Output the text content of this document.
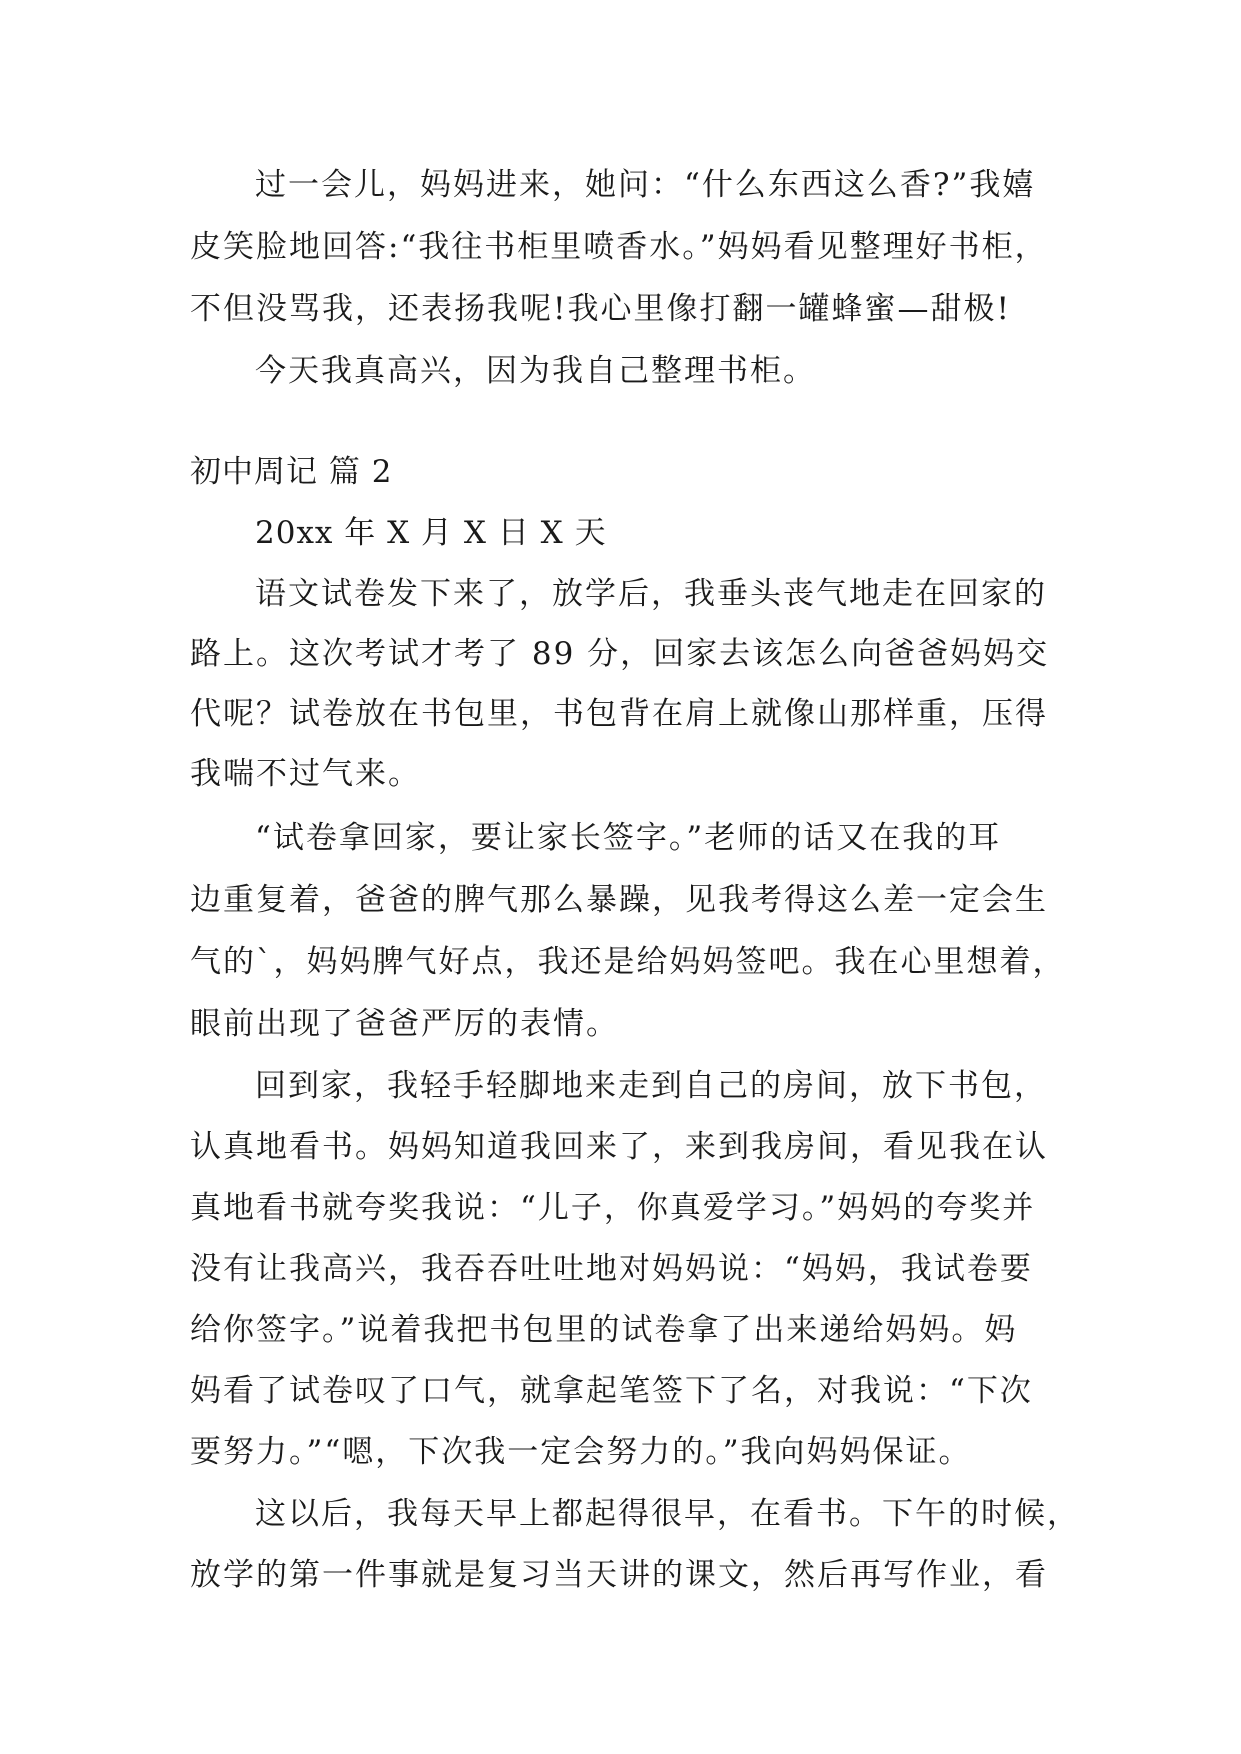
过一会儿，妈妈进来，她问：“什么东西这么香?”我嬉
皮笑脸地回答:“我往书柜里喷香水。”妈妈看见整理好书柜，
不但没骂我，还表扬我呢!我心里像打翻一罐蜂蜜—甜极!
今天我真高兴，因为我自己整理书柜。
初中周记 篇 2
20xx 年 X 月 X 日 X 天
语文试卷发下来了，放学后，我垂头丧气地走在回家的
路上。这次考试才考了 89 分，回家去该怎么向爸爸妈妈交
代呢？试卷放在书包里，书包背在肩上就像山那样重，压得
我喘不过气来。
“试卷拿回家，要让家长签字。”老师的话又在我的耳
边重复着，爸爸的脾气那么暴躁，见我考得这么差一定会生
气的`，妈妈脾气好点，我还是给妈妈签吧。我在心里想着，
眼前出现了爸爸严厉的表情。
回到家，我轻手轻脚地来走到自己的房间，放下书包，
认真地看书。妈妈知道我回来了，来到我房间，看见我在认
真地看书就夸奖我说：“儿子，你真爱学习。”妈妈的夸奖并
没有让我高兴，我吞吞吐吐地对妈妈说：“妈妈，我试卷要
给你签字。”说着我把书包里的试卷拿了出来递给妈妈。妈
妈看了试卷叹了口气，就拿起笔签下了名，对我说：“下次
要努力。”“嗯，下次我一定会努力的。”我向妈妈保证。
这以后，我每天早上都起得很早，在看书。下午的时候，
放学的第一件事就是复习当天讲的课文，然后再写作业，看
